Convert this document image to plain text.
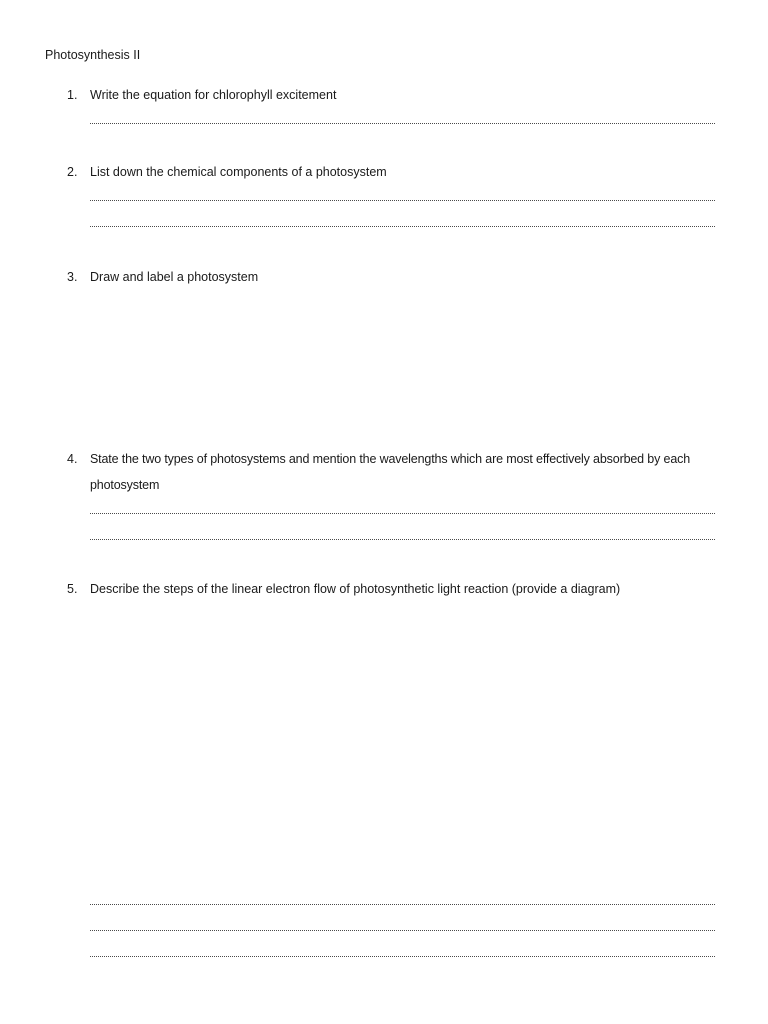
Photosynthesis II
1. Write the equation for chlorophyll excitement
2. List down the chemical components of a photosystem
3. Draw and label a photosystem
4. State the two types of photosystems and mention the wavelengths which are most effectively absorbed by each photosystem
5. Describe the steps of the linear electron flow of photosynthetic light reaction (provide a diagram)
